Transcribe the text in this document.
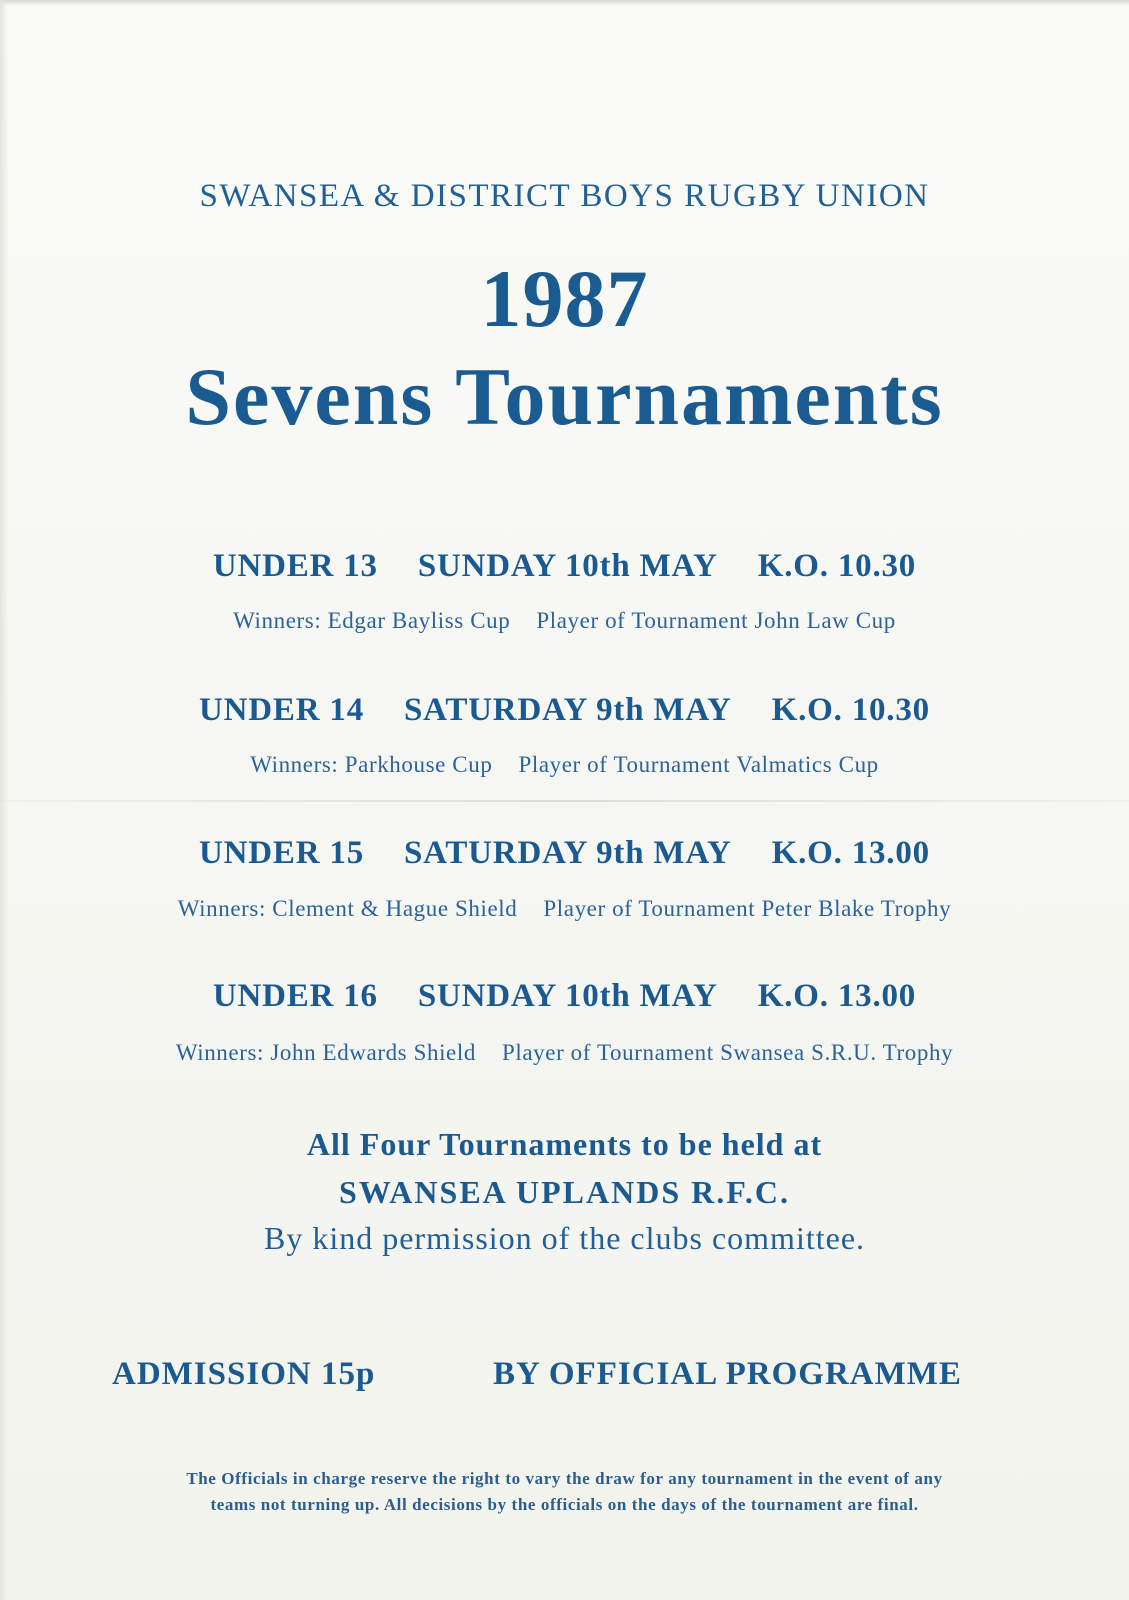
SWANSEA & DISTRICT BOYS RUGBY UNION
1987
Sevens Tournaments
UNDER 13 SUNDAY 10th MAY K.O. 10.30
Winners: Edgar Bayliss Cup Player of Tournament John Law Cup
UNDER 14 SATURDAY 9th MAY K.O. 10.30
Winners: Parkhouse Cup Player of Tournament Valmatics Cup
UNDER 15 SATURDAY 9th MAY K.O. 13.00
Winners: Clement & Hague Shield Player of Tournament Peter Blake Trophy
UNDER 16 SUNDAY 10th MAY K.O. 13.00
Winners: John Edwards Shield Player of Tournament Swansea S.R.U. Trophy
All Four Tournaments to be held at
SWANSEA UPLANDS R.F.C.
By kind permission of the clubs committee.
ADMISSION 15p	BY OFFICIAL PROGRAMME
The Officials in charge reserve the right to vary the draw for any tournament in the event of any
teams not turning up. All decisions by the officials on the days of the tournament are final.
